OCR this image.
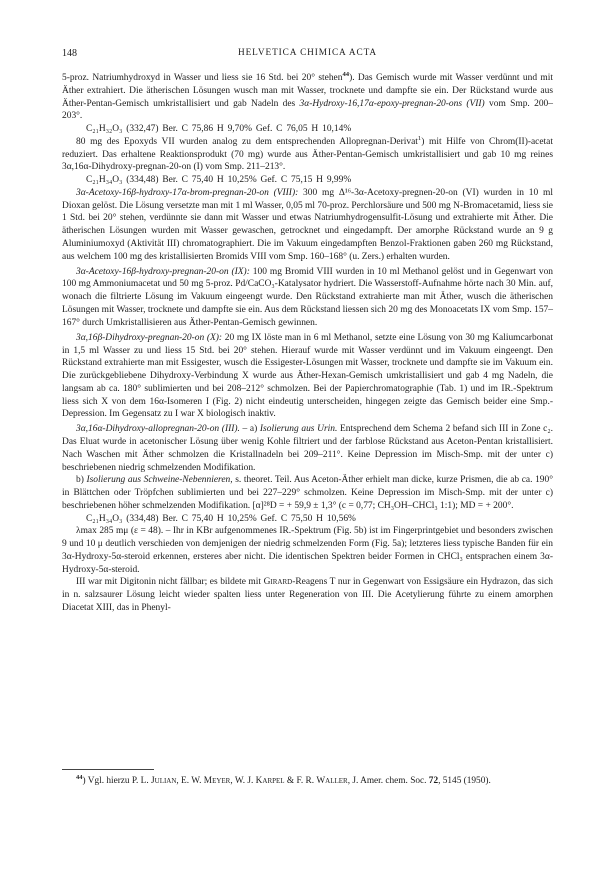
148	HELVETICA CHIMICA ACTA

5-proz. Natriumhydroxyd in Wasser und liess sie 16 Std. bei 20° stehen$^{44}$). Das Gemisch wurde mit Wasser verdünnt und mit Äther extrahiert. Die ätherischen Lösungen wusch man mit Wasser, trocknete und dampfte sie ein. Der Rückstand wurde aus Äther-Pentan-Gemisch umkristallisiert und gab Nadeln des 3α-Hydroxy-16,17α-epoxy-pregnan-20-ons (VII) vom Smp. 200–203°.

C₂₁H₃₂O₃ (332,47) Ber. C 75,86 H 9,70% Gef. C 76,05 H 10,14%

80 mg des Epoxyds VII wurden analog zu dem entsprechenden Allopregnan-Derivat$^1$) mit Hilfe von Chrom(II)-acetat reduziert. Das erhaltene Reaktionsprodukt (70 mg) wurde aus Äther-Pentan-Gemisch umkristallisiert und gab 10 mg reines 3α,16α-Dihydroxy-pregnan-20-on (I) vom Smp. 211–213°.

C₂₁H₃₄O₃ (334,48) Ber. C 75,40 H 10,25% Gef. C 75,15 H 9,99%

3α-Acetoxy-16β-hydroxy-17α-brom-pregnan-20-on (VIII): 300 mg Δ¹⁶-3α-Acetoxy-pregnen-20-on (VI) wurden in 10 ml Dioxan gelöst. Die Lösung versetzte man mit 1 ml Wasser, 0,05 ml 70-proz. Perchlorsäure und 500 mg N-Bromacetamid, liess sie 1 Std. bei 20° stehen, verdünnte sie dann mit Wasser und etwas Natriumhydrogensulfit-Lösung und extrahierte mit Äther. Die ätherischen Lösungen wurden mit Wasser gewaschen, getrocknet und eingedampft. Der amorphe Rückstand wurde an 9 g Aluminiumoxyd (Aktivität III) chromatographiert. Die im Vakuum eingedampften Benzol-Fraktionen gaben 260 mg Rückstand, aus welchem 100 mg des kristallisierten Bromids VIII vom Smp. 160–168° (u. Zers.) erhalten wurden.

3α-Acetoxy-16β-hydroxy-pregnan-20-on (IX): 100 mg Bromid VIII wurden in 10 ml Methanol gelöst und in Gegenwart von 100 mg Ammoniumacetat und 50 mg 5-proz. Pd/CaCO₃-Katalysator hydriert. Die Wasserstoff-Aufnahme hörte nach 30 Min. auf, wonach die filtrierte Lösung im Vakuum eingeengt wurde. Den Rückstand extrahierte man mit Äther, wusch die ätherischen Lösungen mit Wasser, trocknete und dampfte sie ein. Aus dem Rückstand liessen sich 20 mg des Monoacetats IX vom Smp. 157–167° durch Umkristallisieren aus Äther-Pentan-Gemisch gewinnen.

3α,16β-Dihydroxy-pregnan-20-on (X): 20 mg IX löste man in 6 ml Methanol, setzte eine Lösung von 30 mg Kaliumcarbonat in 1,5 ml Wasser zu und liess 15 Std. bei 20° stehen. Hierauf wurde mit Wasser verdünnt und im Vakuum eingeengt. Den Rückstand extrahierte man mit Essigester, wusch die Essigester-Lösungen mit Wasser, trocknete und dampfte sie im Vakuum ein. Die zurückgebliebene Dihydroxy-Verbindung X wurde aus Äther-Hexan-Gemisch umkristallisiert und gab 4 mg Nadeln, die langsam ab ca. 180° sublimierten und bei 208–212° schmolzen. Bei der Papierchromatographie (Tab. 1) und im IR.-Spektrum liess sich X von dem 16α-Isomeren I (Fig. 2) nicht eindeutig unterscheiden, hingegen zeigte das Gemisch beider eine Smp.-Depression. Im Gegensatz zu I war X biologisch inaktiv.

3α,16α-Dihydroxy-allopregnan-20-on (III). – a) Isolierung aus Urin. Entsprechend dem Schema 2 befand sich III in Zone c₂. Das Eluat wurde in acetonischer Lösung über wenig Kohle filtriert und der farblose Rückstand aus Aceton-Pentan kristallisiert. Nach Waschen mit Äther schmolzen die Kristallnadeln bei 209–211°. Keine Depression im Misch-Smp. mit der unter c) beschriebenen niedrig schmelzenden Modifikation.

b) Isolierung aus Schweine-Nebennieren, s. theoret. Teil. Aus Aceton-Äther erhielt man dicke, kurze Prismen, die ab ca. 190° in Blättchen oder Tröpfchen sublimierten und bei 227–229° schmolzen. Keine Depression im Misch-Smp. mit der unter c) beschriebenen höher schmelzenden Modifikation. [α]²⁸D = + 59,9 ± 1,3° (c = 0,77; CH₃OH–CHCl₃ 1:1); MD = + 200°.

C₂₁H₃₄O₃ (334,48) Ber. C 75,40 H 10,25% Gef. C 75,50 H 10,56%

λmax 285 mμ (ε = 48). – Ihr in KBr aufgenommenes IR.-Spektrum (Fig. 5b) ist im Fingerprintgebiet und besonders zwischen 9 und 10 μ deutlich verschieden von demjenigen der niedrig schmelzenden Form (Fig. 5a); letzteres liess typische Banden für ein 3α-Hydroxy-5α-steroid erkennen, ersteres aber nicht. Die identischen Spektren beider Formen in CHCl₃ entsprachen einem 3α-Hydroxy-5α-steroid.

III war mit Digitonin nicht fällbar; es bildete mit Girard-Reagens T nur in Gegenwart von Essigsäure ein Hydrazon, das sich in n. salzsaurer Lösung leicht wieder spalten liess unter Regeneration von III. Die Acetylierung führte zu einem amorphen Diacetat XIII, das in Phenyl-

$^{44}$) Vgl. hierzu P. L. Julian, E. W. Meyer, W. J. Karpel & F. R. Waller, J. Amer. chem. Soc. 72, 5145 (1950).
